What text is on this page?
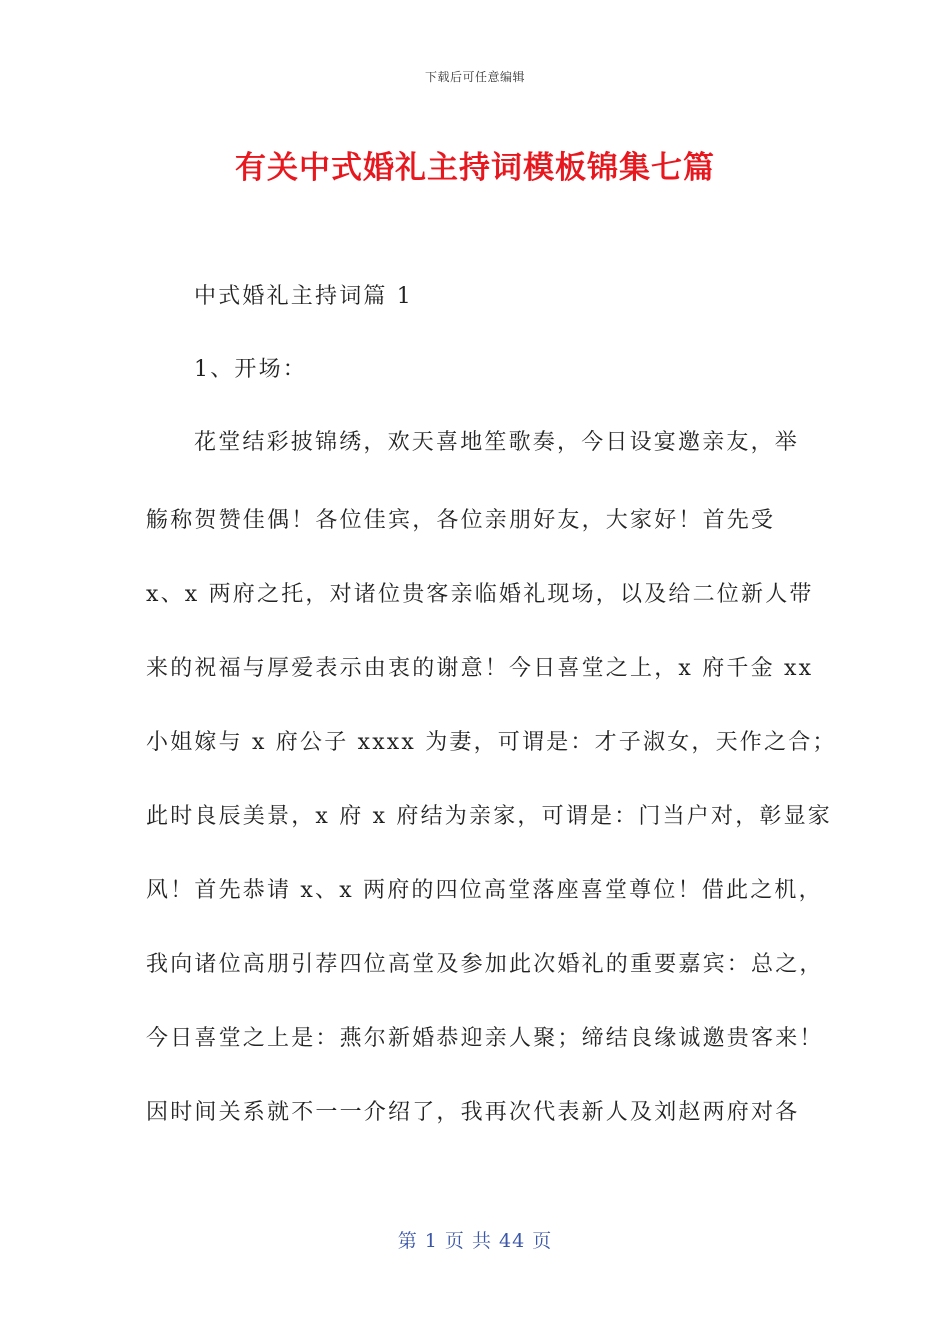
下载后可任意编辑
有关中式婚礼主持词模板锦集七篇
中式婚礼主持词篇 1
1、开场：
花堂结彩披锦绣，欢天喜地笙歌奏，今日设宴邀亲友，举
觞称贺赞佳偶！各位佳宾，各位亲朋好友，大家好！首先受
x、x 两府之托，对诸位贵客亲临婚礼现场，以及给二位新人带
来的祝福与厚爱表示由衷的谢意！今日喜堂之上，x 府千金 xx
小姐嫁与 x 府公子 xxxx 为妻，可谓是：才子淑女，天作之合；
此时良辰美景，x 府 x 府结为亲家，可谓是：门当户对，彰显家
风！首先恭请 x、x 两府的四位高堂落座喜堂尊位！借此之机，
我向诸位高朋引荐四位高堂及参加此次婚礼的重要嘉宾：总之，
今日喜堂之上是：燕尔新婚恭迎亲人聚；缔结良缘诚邀贵客来！
因时间关系就不一一介绍了，我再次代表新人及刘赵两府对各
第 1 页 共 44 页
